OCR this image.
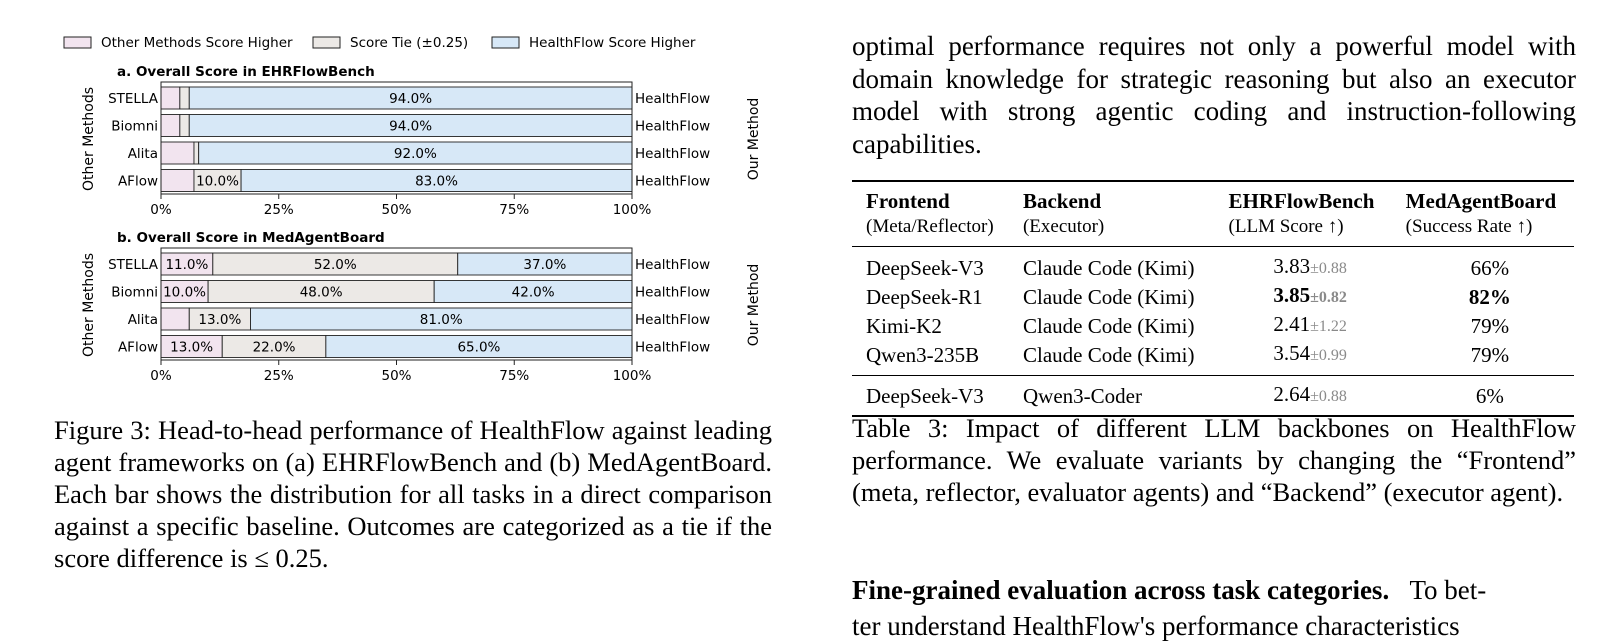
Other Methods Score Higher	Score Tie (±0.25)	HealthFlow Score Higher
a. Overall Score in EHRFlowBench
94.0%
STELLA	HealthFlow
94.0%
Biomni	HealthFlow
92.0%
Alita	HealthFlow
10.0%	83.0%
AFlow	HealthFlow
0%	25%	50%	75%	100%
b. Overall Score in MedAgentBoard
11.0%	52.0%	37.0%
STELLA	HealthFlow
10.0%	48.0%	42.0%
Biomni	HealthFlow
13.0%	81.0%
Alita	HealthFlow
13.0%	22.0%	65.0%
AFlow	HealthFlow
0%	25%	50%	75%	100%
Other Methods	Our Method
Other Methods	Our Method
Figure 3: Head-to-head performance of HealthFlow against leading agent frameworks on (a) EHRFlowBench and (b) MedAgentBoard. Each bar shows the distribution for all tasks in a direct comparison against a specific baseline. Outcomes are categorized as a tie if the score difference is ≤ 0.25.
optimal performance requires not only a powerful model with domain knowledge for strategic reasoning but also an executor model with strong agentic coding and instruction-following capabilities.
Frontend	Backend	EHRFlowBench	MedAgentBoard
(Meta/Reflector)	(Executor)	(LLM Score ↑)	(Success Rate ↑)
DeepSeek-V3	Claude Code (Kimi)	3.83±0.88	66%
DeepSeek-R1	Claude Code (Kimi)	3.85±0.82	82%
Kimi-K2	Claude Code (Kimi)	2.41±1.22	79%
Qwen3-235B	Claude Code (Kimi)	3.54±0.99	79%
DeepSeek-V3	Qwen3-Coder	2.64±0.88	6%
Table 3: Impact of different LLM backbones on HealthFlow performance. We evaluate variants by changing the “Frontend” (meta, reflector, evaluator agents) and “Backend” (executor agent).
Fine-grained evaluation across task categories. To bet-
ter understand HealthFlow's performance characteristics
